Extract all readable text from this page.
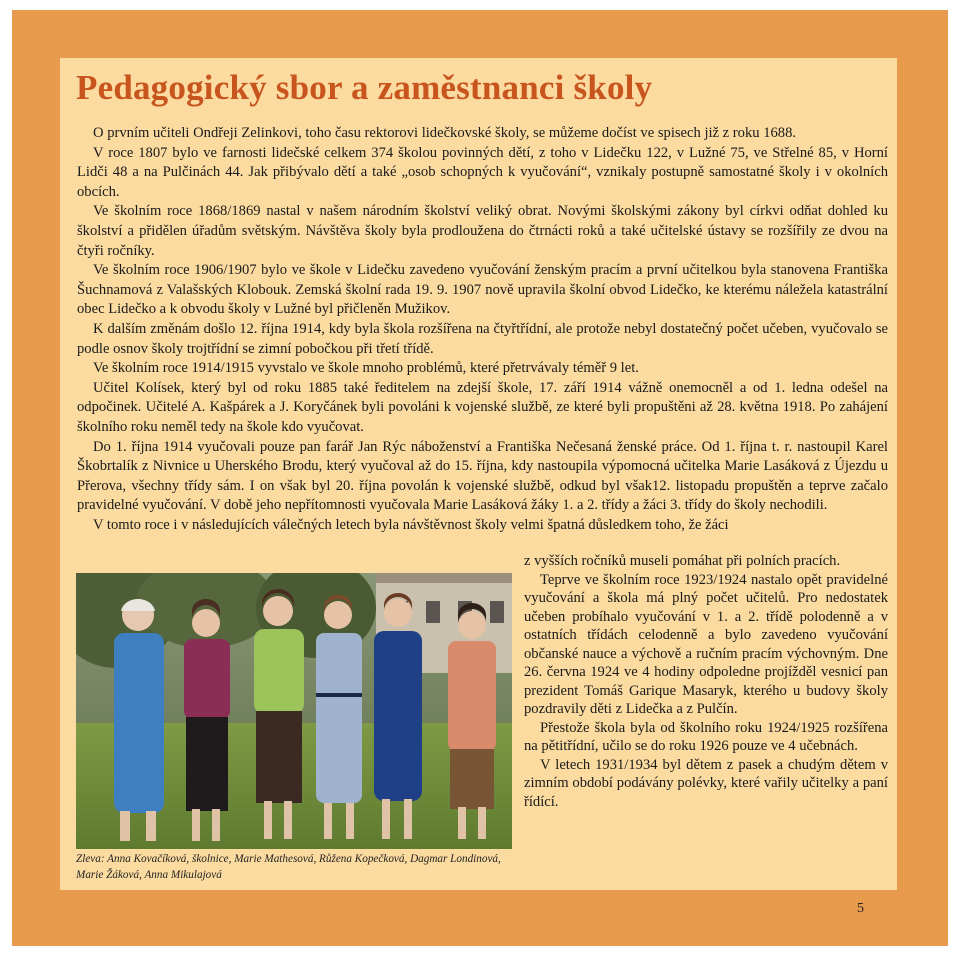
Pedagogický sbor a zaměstnanci školy

O prvním učiteli Ondřeji Zelinkovi, toho času rektorovi lidečkovské školy, se můžeme dočíst ve spisech již z roku 1688.

V roce 1807 bylo ve farnosti lidečské celkem 374 školou povinných dětí, z toho v Lidečku 122, v Lužné 75, ve Střelné 85, v Horní Lidči 48 a na Pulčinách 44. Jak přibývalo dětí a také „osob schopných k vyučování“, vznikaly postupně samostatné školy i v okolních obcích.

Ve školním roce 1868/1869 nastal v našem národním školství veliký obrat. Novými školskými zákony byl církvi odňat dohled ku školství a přidělen úřadům světským. Návštěva školy byla prodloužena do čtrnácti roků a také učitelské ústavy se rozšířily ze dvou na čtyři ročníky.

Ve školním roce 1906/1907 bylo ve škole v Lidečku zavedeno vyučování ženským pracím a první učitelkou byla stanovena Františka Šuchnamová z Valašských Klobouk. Zemská školní rada 19. 9. 1907 nově upravila školní obvod Lidečko, ke kterému náležela katastrální obec Lidečko a k obvodu školy v Lužné byl přičleněn Mužikov.

K dalším změnám došlo 12. října 1914, kdy byla škola rozšířena na čtyřtřídní, ale protože nebyl dostatečný počet učeben, vyučovalo se podle osnov školy trojtřídní se zimní pobočkou při třetí třídě.

Ve školním roce 1914/1915 vyvstalo ve škole mnoho problémů, které přetrvávaly téměř 9 let.

Učitel Kolísek, který byl od roku 1885 také ředitelem na zdejší škole, 17. září 1914 vážně onemocněl a od 1. ledna odešel na odpočinek. Učitelé A. Kašpárek a J. Koryčánek byli povoláni k vojenské službě, ze které byli propuštěni až 28. května 1918. Po zahájení školního roku neměl tedy na škole kdo vyučovat.

Do 1. října 1914 vyučovali pouze pan farář Jan Rýc náboženství a Františka Nečesaná ženské práce. Od 1. října t. r. nastoupil Karel Škobrtalík z Nivnice u Uherského Brodu, který vyučoval až do 15. října, kdy nastoupila výpomocná učitelka Marie Lasáková z Újezdu u Přerova, všechny třídy sám. I on však byl 20. října povolán k vojenské službě, odkud byl však12. listopadu propuštěn a teprve začalo pravidelné vyučování. V době jeho nepřítomnosti vyučovala Marie Lasáková žáky 1. a 2. třídy a žáci 3. třídy do školy nechodili.

V tomto roce i v následujících válečných letech byla návštěvnost školy velmi špatná důsledkem toho, že žáci

Zleva: Anna Kovačíková, školnice, Marie Mathesová, Růžena Kopečková, Dagmar Londinová, Marie Žáková, Anna Mikulajová

z vyšších ročníků museli pomáhat při polních pracích.

Teprve ve školním roce 1923/1924 nastalo opět pravidelné vyučování a škola má plný počet učitelů. Pro nedostatek učeben probíhalo vyučování v 1. a 2. třídě polodenně a v ostatních třídách celodenně a bylo zavedeno vyučování občanské nauce a výchově a ručním pracím výchovným. Dne 26. června 1924 ve 4 hodiny odpoledne projížděl vesnicí pan prezident Tomáš Garique Masaryk, kterého u budovy školy pozdravily děti z Lidečka a z Pulčín.

Přestože škola byla od školního roku 1924/1925 rozšířena na pětitřídní, učilo se do roku 1926 pouze ve 4 učebnách.

V letech 1931/1934 byl dětem z pasek a chudým dětem v zimním období podávány polévky, které vařily učitelky a paní řídící.

5
